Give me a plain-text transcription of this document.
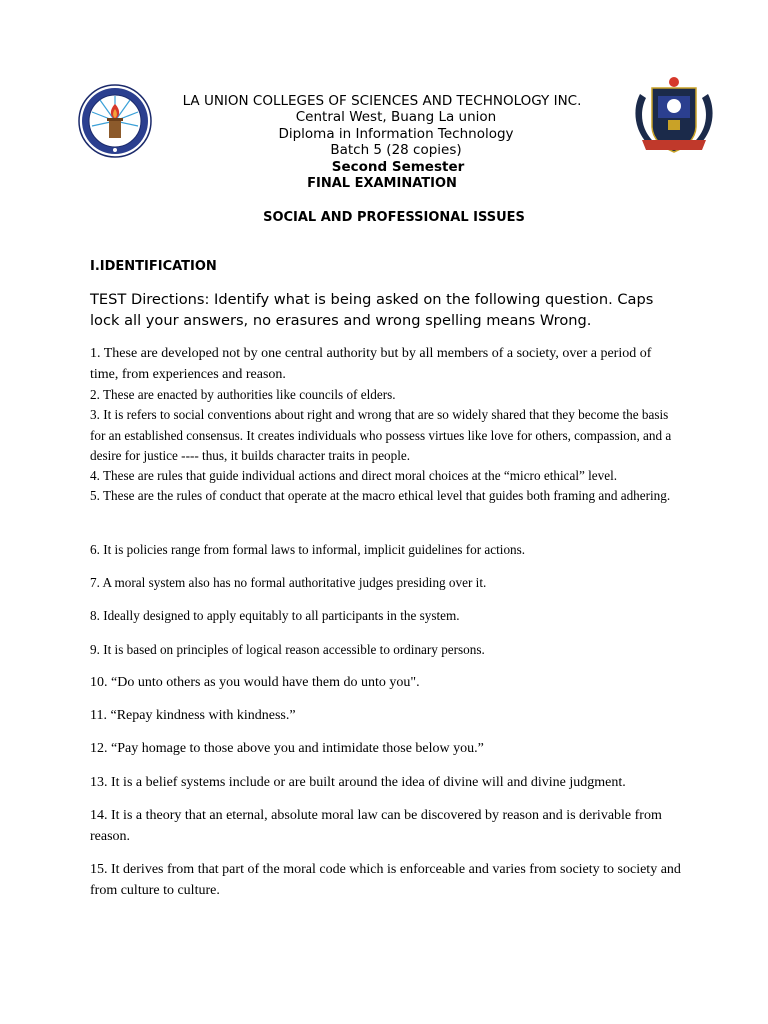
LA UNION COLLEGES OF SCIENCES AND TECHNOLOGY INC.
Central West, Buang La union
Diploma in Information Technology
Batch 5 (28 copies)
Second Semester
FINAL EXAMINATION
SOCIAL AND PROFESSIONAL ISSUES
I.IDENTIFICATION
TEST Directions: Identify what is being asked on the following question. Caps lock all your answers, no erasures and wrong spelling means Wrong.
1. These are developed not by one central authority but by all members of a society, over a period of time, from experiences and reason.
2. These are enacted by authorities like councils of elders.
3. It is refers to social conventions about right and wrong that are so widely shared that they become the basis for an established consensus. It creates individuals who possess virtues like love for others, compassion, and a desire for justice ---- thus, it builds character traits in people.
4. These are rules that guide individual actions and direct moral choices at the “micro ethical” level.
5. These are the rules of conduct that operate at the macro ethical level that guides both framing and adhering.
6. It is policies range from formal laws to informal, implicit guidelines for actions.
7. A moral system also has no formal authoritative judges presiding over it.
8. Ideally designed to apply equitably to all participants in the system.
9. It is based on principles of logical reason accessible to ordinary persons.
10. “Do unto others as you would have them do unto you".
11. “Repay kindness with kindness.”
12. “Pay homage to those above you and intimidate those below you.”
13. It is a belief systems include or are built around the idea of divine will and divine judgment.
14. It is a theory that an eternal, absolute moral law can be discovered by reason and is derivable from reason.
15. It derives from that part of the moral code which is enforceable and varies from society to society and from culture to culture.
